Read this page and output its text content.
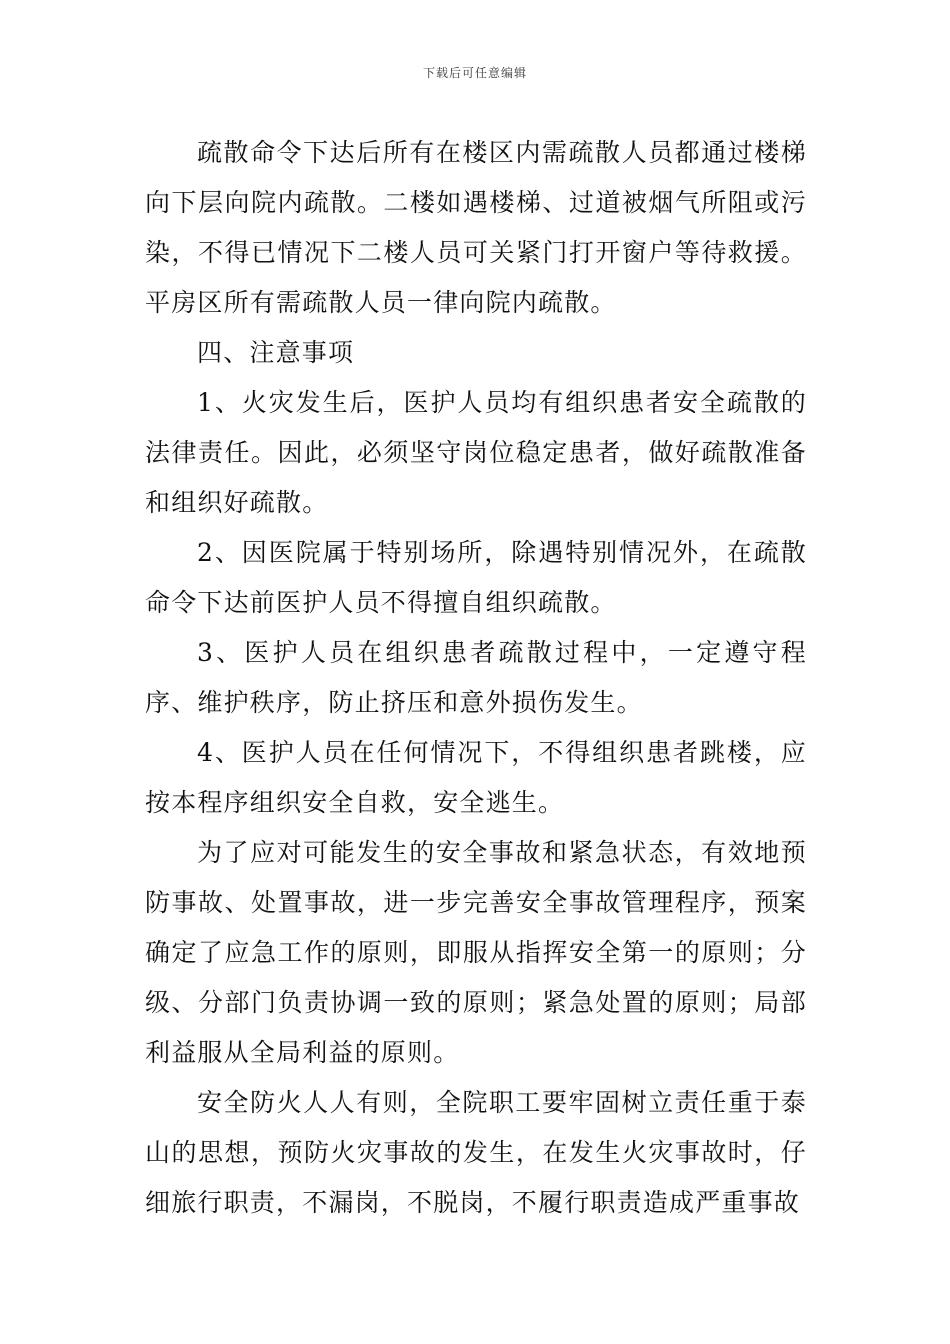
下载后可任意编辑

疏散命令下达后所有在楼区内需疏散人员都通过楼梯向下层向院内疏散。二楼如遇楼梯、过道被烟气所阻或污染，不得已情况下二楼人员可关紧门打开窗户等待救援。平房区所有需疏散人员一律向院内疏散。

四、注意事项

1、火灾发生后，医护人员均有组织患者安全疏散的法律责任。因此，必须坚守岗位稳定患者，做好疏散准备和组织好疏散。

2、因医院属于特别场所，除遇特别情况外，在疏散命令下达前医护人员不得擅自组织疏散。

3、医护人员在组织患者疏散过程中，一定遵守程序、维护秩序，防止挤压和意外损伤发生。

4、医护人员在任何情况下，不得组织患者跳楼，应按本程序组织安全自救，安全逃生。

为了应对可能发生的安全事故和紧急状态，有效地预防事故、处置事故，进一步完善安全事故管理程序，预案确定了应急工作的原则，即服从指挥安全第一的原则；分级、分部门负责协调一致的原则；紧急处置的原则；局部利益服从全局利益的原则。

安全防火人人有则，全院职工要牢固树立责任重于泰山的思想，预防火灾事故的发生，在发生火灾事故时，仔细旅行职责，不漏岗，不脱岗，不履行职责造成严重事故
